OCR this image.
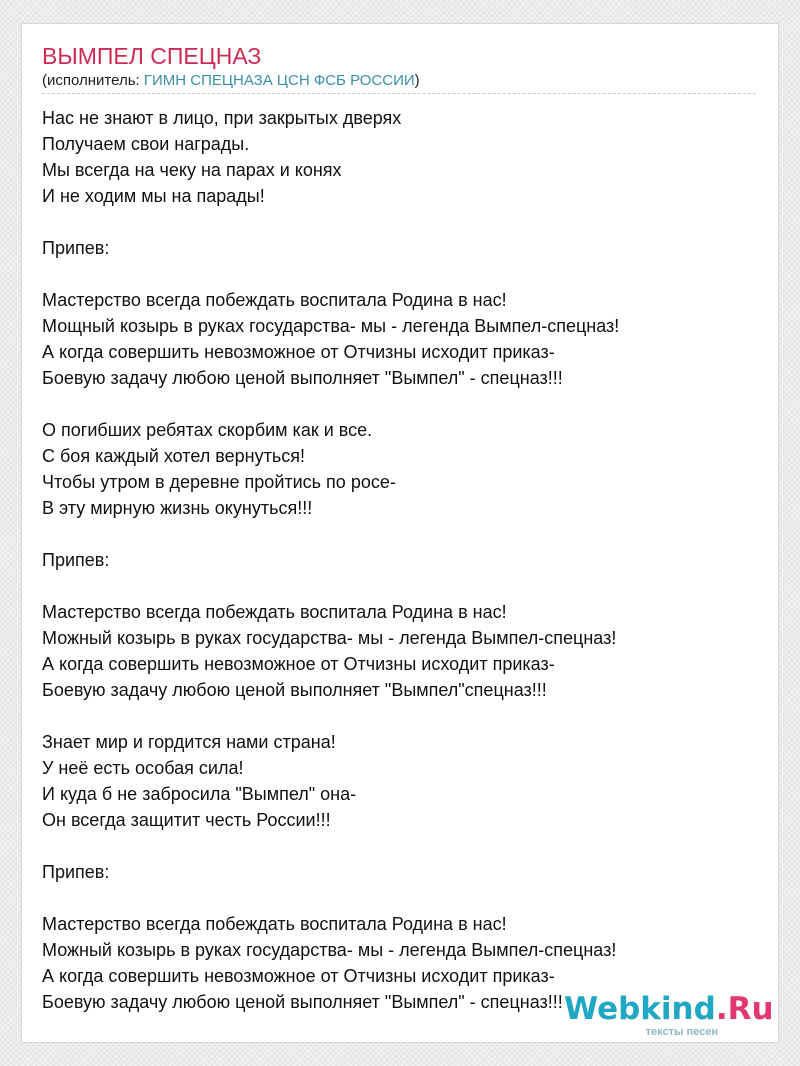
ВЫМПЕЛ СПЕЦНАЗ
(исполнитель: ГИМН СПЕЦНАЗА ЦСН ФСБ РОССИИ)
Нас не знают в лицо, при закрытых дверях
Получаем свои награды.
Мы всегда на чеку на парах и конях
И не ходим мы на парады!
Припев:
Мастерство всегда побеждать воспитала Родина в нас!
Мощный козырь в руках государства- мы - легенда Вымпел-спецназ!
А когда совершить невозможное от Отчизны исходит приказ-
Боевую задачу любою ценой выполняет "Вымпел" - спецназ!!!
О погибших ребятах скорбим как и все.
С боя каждый хотел вернуться!
Чтобы утром в деревне пройтись по росе-
В эту мирную жизнь окунуться!!!
Припев:
Мастерство всегда побеждать воспитала Родина в нас!
Можный козырь в руках государства- мы - легенда Вымпел-спецназ!
А когда совершить невозможное от Отчизны исходит приказ-
Боевую задачу любою ценой выполняет "Вымпел"спецназ!!!
Знает мир и гордится нами страна!
У неё есть особая сила!
И куда б не забросила "Вымпел" она-
Он всегда защитит честь России!!!
Припев:
Мастерство всегда побеждать воспитала Родина в нас!
Можный козырь в руках государства- мы - легенда Вымпел-спецназ!
А когда совершить невозможное от Отчизны исходит приказ-
Боевую задачу любою ценой выполняет "Вымпел" - спецназ!!! Webkind.Ru
тексты песен
